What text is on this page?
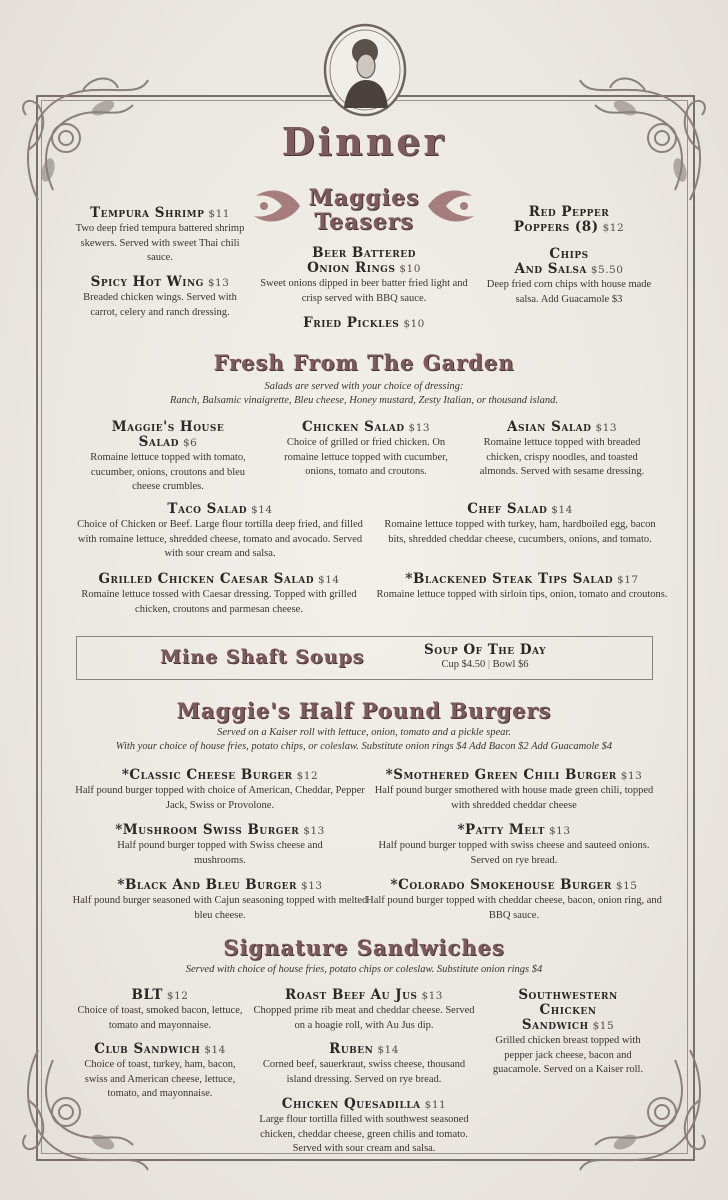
Dinner
Maggies
Teasers
Tempura Shrimp $11
Two deep fried tempura battered shrimp skewers. Served with sweet Thai chili sauce.
Spicy Hot Wing $13
Breaded chicken wings. Served with carrot, celery and ranch dressing.
Beer Battered
Onion Rings $10
Sweet onions dipped in beer batter fried light and crisp served with BBQ sauce.
Fried Pickles $10
Red Pepper
Poppers (8) $12
Chips
And Salsa $5.50
Deep fried corn chips with house made salsa. Add Guacamole $3
Fresh From The Garden
Salads are served with your choice of dressing:
Ranch, Balsamic vinaigrette, Bleu cheese, Honey mustard, Zesty Italian, or thousand island.
Maggie's House
Salad $6
Romaine lettuce topped with tomato, cucumber, onions, croutons and bleu cheese crumbles.
Chicken Salad $13
Choice of grilled or fried chicken. On romaine lettuce topped with cucumber, onions, tomato and croutons.
Asian Salad $13
Romaine lettuce topped with breaded chicken, crispy noodles, and toasted almonds. Served with sesame dressing.
Taco Salad $14
Choice of Chicken or Beef. Large flour tortilla deep fried, and filled with romaine lettuce, shredded cheese, tomato and avocado. Served with sour cream and salsa.
Chef Salad $14
Romaine lettuce topped with turkey, ham, hardboiled egg, bacon bits, shredded cheddar cheese, cucumbers, onions, and tomato.
Grilled Chicken Caesar Salad $14
Romaine lettuce tossed with Caesar dressing. Topped with grilled chicken, croutons and parmesan cheese.
*Blackened Steak Tips Salad $17
Romaine lettuce topped with sirloin tips, onion, tomato and croutons.
Mine Shaft Soups	Soup Of The Day
Cup $4.50 | Bowl $6
Maggie's Half Pound Burgers
Served on a Kaiser roll with lettuce, onion, tomato and a pickle spear.
With your choice of house fries, potato chips, or coleslaw. Substitute onion rings $4 Add Bacon $2 Add Guacamole $4
*Classic Cheese Burger $12
Half pound burger topped with choice of American, Cheddar, Pepper Jack, Swiss or Provolone.
*Smothered Green Chili Burger $13
Half pound burger smothered with house made green chili, topped with shredded cheddar cheese
*Mushroom Swiss Burger $13
Half pound burger topped with Swiss cheese and mushrooms.
*Patty Melt $13
Half pound burger topped with swiss cheese and sauteed onions. Served on rye bread.
*Black And Bleu Burger $13
Half pound burger seasoned with Cajun seasoning topped with melted bleu cheese.
*Colorado Smokehouse Burger $15
Half pound burger topped with cheddar cheese, bacon, onion ring, and BBQ sauce.
Signature Sandwiches
Served with choice of house fries, potato chips or coleslaw. Substitute onion rings $4
BLT $12
Choice of toast, smoked bacon, lettuce, tomato and mayonnaise.
Club Sandwich $14
Choice of toast, turkey, ham, bacon, swiss and American cheese, lettuce, tomato, and mayonnaise.
Roast Beef Au Jus $13
Chopped prime rib meat and cheddar cheese. Served on a hoagie roll, with Au Jus dip.
Ruben $14
Corned beef, sauerkraut, swiss cheese, thousand island dressing. Served on rye bread.
Chicken Quesadilla $11
Large flour tortilla filled with southwest seasoned chicken, cheddar cheese, green chilis and tomato. Served with sour cream and salsa.
Southwestern
Chicken
Sandwich $15
Grilled chicken breast topped with pepper jack cheese, bacon and guacamole. Served on a Kaiser roll.
